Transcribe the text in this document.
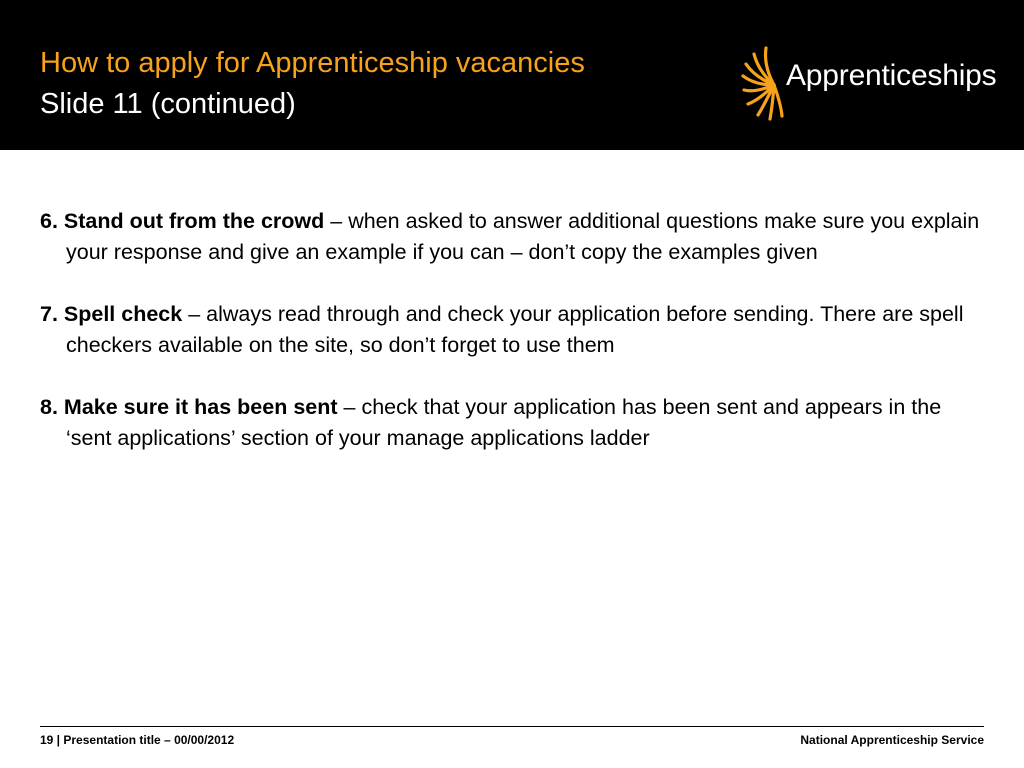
How to apply for Apprenticeship vacancies
Slide 11 (continued)
Apprenticeships

6. Stand out from the crowd – when asked to answer additional questions make sure you explain your response and give an example if you can – don’t copy the examples given

7. Spell check – always read through and check your application before sending. There are spell checkers available on the site, so don’t forget to use them

8. Make sure it has been sent – check that your application has been sent and appears in the ‘sent applications’ section of your manage applications ladder

19 | Presentation title – 00/00/2012	National Apprenticeship Service
